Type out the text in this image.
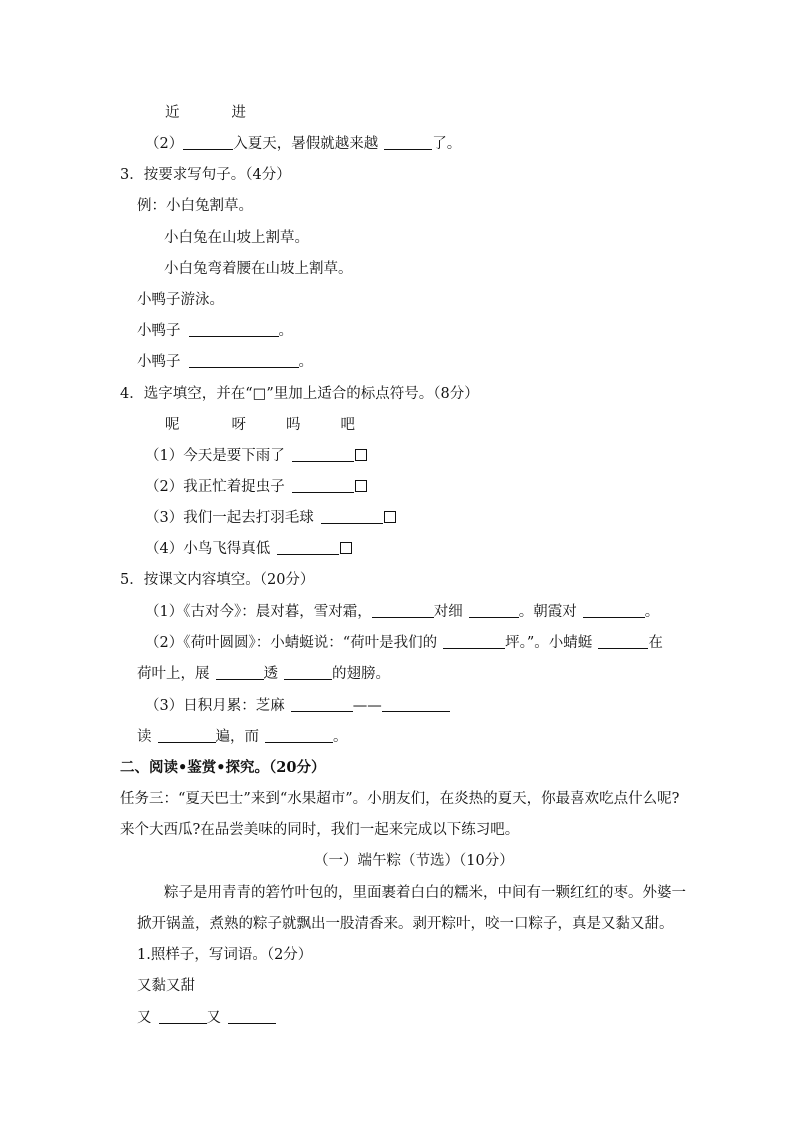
近	进
（2）	入夏天，暑假就越来越	了。
3．按要求写句子。（4分）
例：小白兔割草。
小白兔在山坡上割草。
小白兔弯着腰在山坡上割草。
小鸭子游泳。
小鸭子	。
小鸭子	。
4．选字填空，并在“□”里加上适合的标点符号。（8分）
呢	呀	吗	吧
（1）今天是要下雨了
（2）我正忙着捉虫子
（3）我们一起去打羽毛球
（4）小鸟飞得真低
5．按课文内容填空。（20分）
（1）《古对今》：晨对暮，雪对霜，	对细	。朝霞对	。
（2）《荷叶圆圆》：小蜻蜓说：“荷叶是我们的	坪。”。小蜻蜓	在
荷叶上，展	透	的翅膀。
（3）日积月累：芝麻	——
读	遍，而	。
二、阅读•鉴赏•探究。（20分）
任务三：“夏天巴士”来到“水果超市”。小朋友们，在炎热的夏天，你最喜欢吃点什么呢?
来个大西瓜?在品尝美味的同时，我们一起来完成以下练习吧。
（一）端午粽（节选）（10分）
粽子是用青青的箬竹叶包的，里面裹着白白的糯米，中间有一颗红红的枣。外婆一
掀开锅盖，煮熟的粽子就飘出一股清香来。剥开粽叶，咬一口粽子，真是又黏又甜。
1.照样子，写词语。（2分）
又黏又甜
又	又
